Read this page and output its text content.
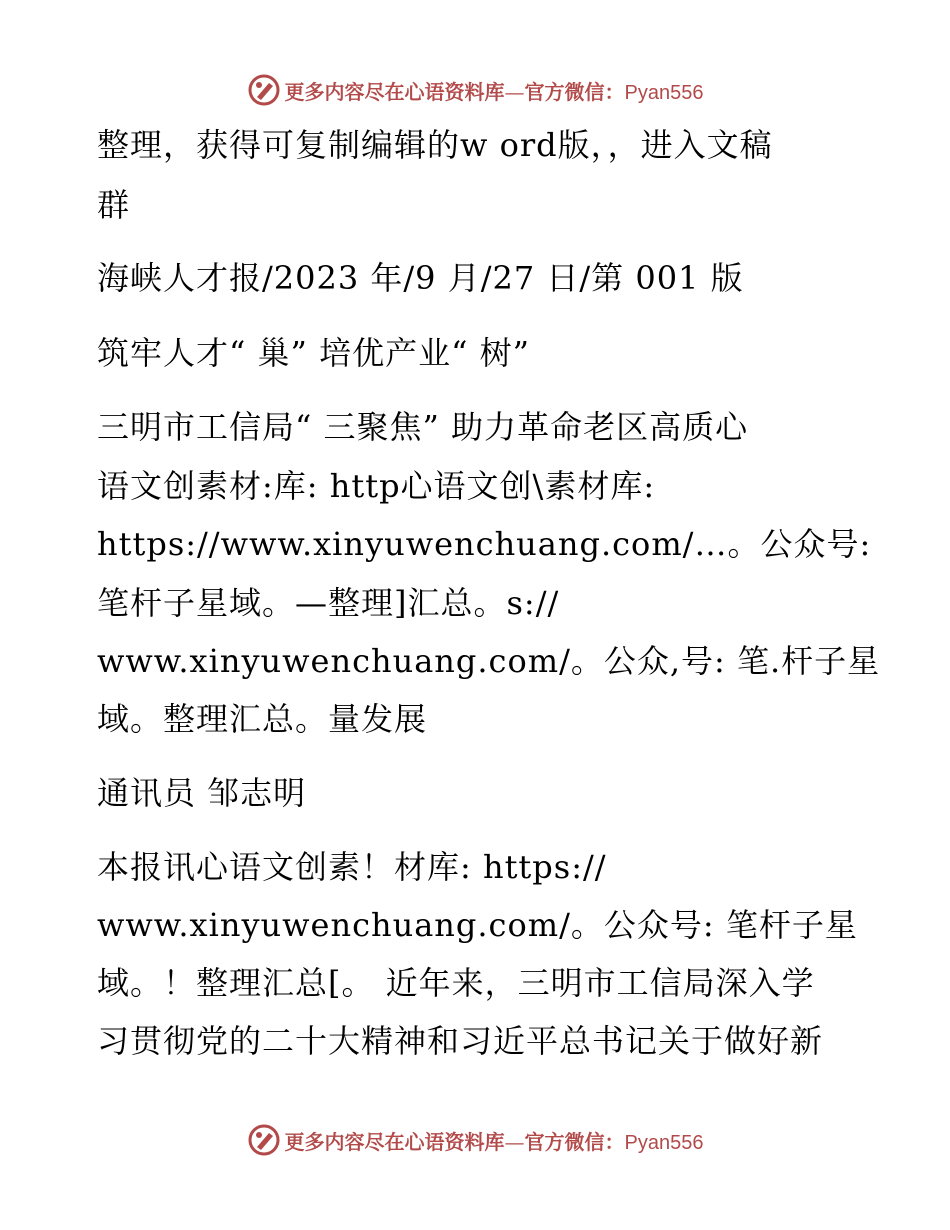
更多内容尽在心语资料库—官方微信：Pyan556
整理，获得可复制编辑的w ord版，，进入文稿
群
海峡人才报/2023 年/9 月/27 日/第 001 版
筑牢人才“ 巢” 培优产业“ 树”
三明市工信局“ 三聚焦” 助力革命老区高质心
语文创素材:库: http心语文创\素材库:
https://www.xinyuwenchuang.com/…。公众号:
笔杆子星域。—整理]汇总。s://
www.xinyuwenchuang.com/。公众,号: 笔.杆子星
域。整理汇总。量发展
通讯员 邹志明
本报讯心语文创素！材库: https://
www.xinyuwenchuang.com/。公众号: 笔杆子星
域。！整理汇总[。 近年来，三明市工信局深入学
习贯彻党的二十大精神和习近平总书记关于做好新
更多内容尽在心语资料库—官方微信：Pyan556
